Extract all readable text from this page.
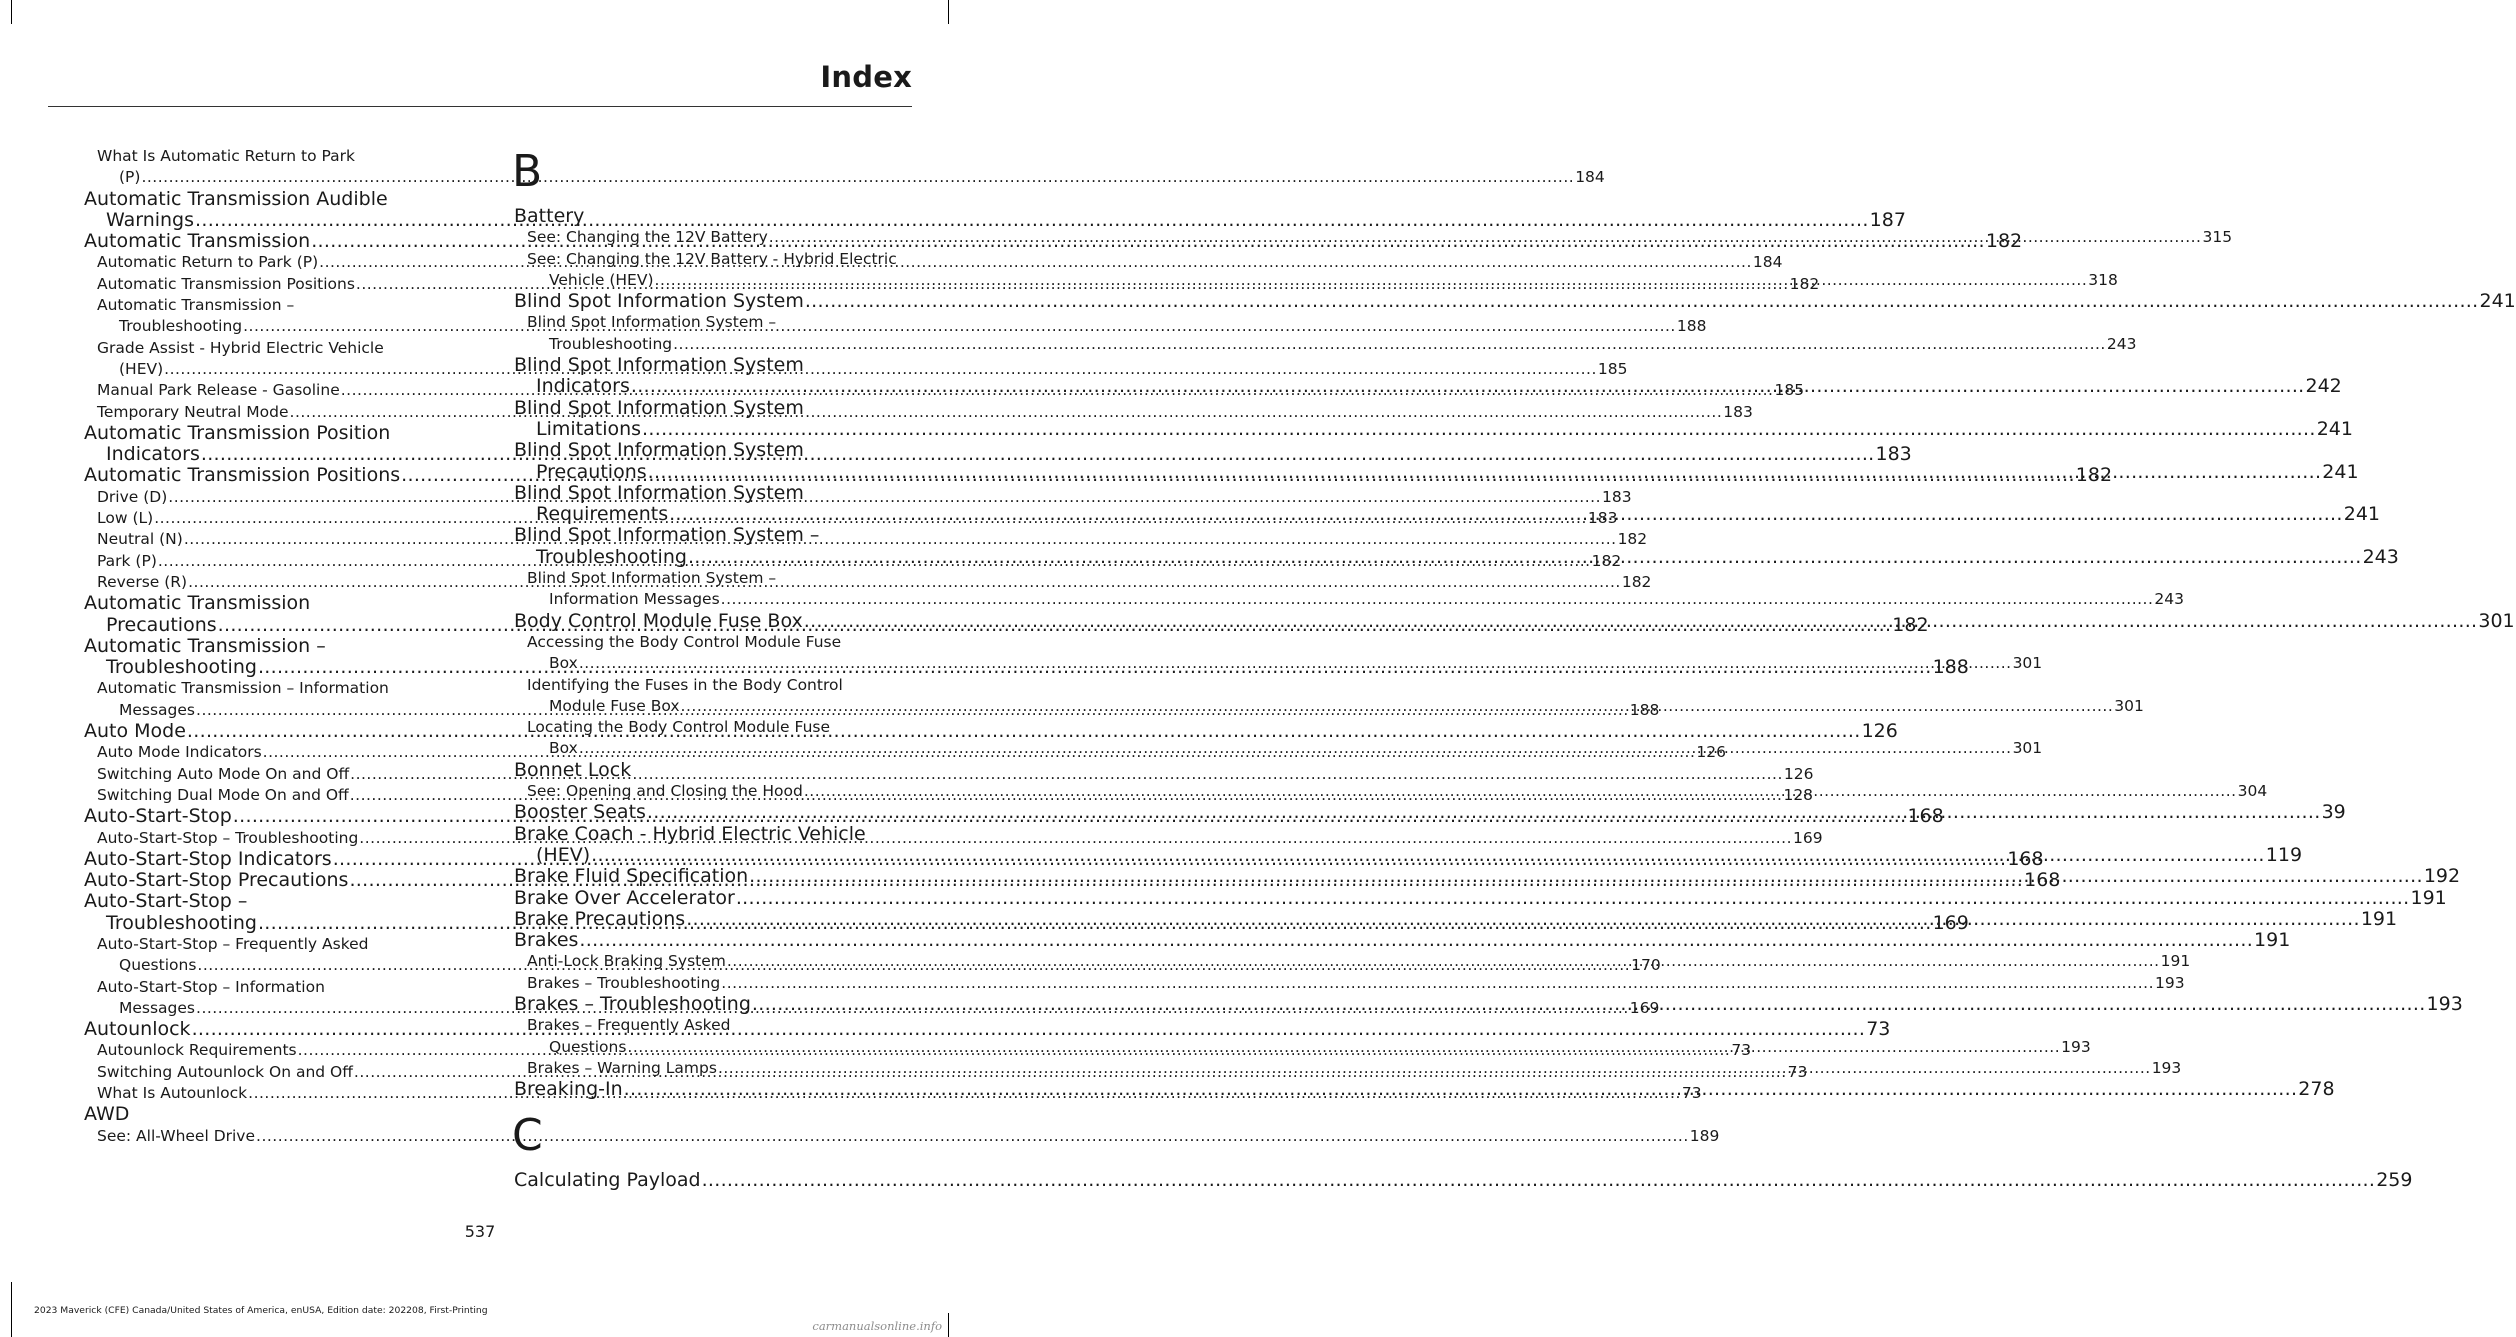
Index
What Is Automatic Return to Park
(P) .....	184
Automatic Transmission Audible
Warnings .....	187
Automatic Transmission .....	182
Automatic Return to Park (P) .....	184
Automatic Transmission Positions .....	182
Automatic Transmission –
Troubleshooting .....	188
Grade Assist - Hybrid Electric Vehicle
(HEV) .....	185
Manual Park Release - Gasoline .....	185
Temporary Neutral Mode .....	183
Automatic Transmission Position
Indicators .....	183
Automatic Transmission Positions .....	182
Drive (D) .....	183
Low (L) .....	183
Neutral (N) .....	182
Park (P) .....	182
Reverse (R) .....	182
Automatic Transmission
Precautions .....	182
Automatic Transmission –
Troubleshooting .....	188
Automatic Transmission – Information
Messages .....	188
Auto Mode .....	126
Auto Mode Indicators .....	126
Switching Auto Mode On and Off .....	126
Switching Dual Mode On and Off .....	128
Auto-Start-Stop .....	168
Auto-Start-Stop – Troubleshooting .....	169
Auto-Start-Stop Indicators .....	168
Auto-Start-Stop Precautions .....	168
Auto-Start-Stop –
Troubleshooting .....	169
Auto-Start-Stop – Frequently Asked
Questions .....	170
Auto-Start-Stop – Information
Messages .....	169
Autounlock .....	73
Autounlock Requirements .....	73
Switching Autounlock On and Off .....	73
What Is Autounlock .....	73
AWD
See: All-Wheel Drive .....	189
B
Battery
See: Changing the 12V Battery .....	315
See: Changing the 12V Battery - Hybrid Electric
Vehicle (HEV) .....	318
Blind Spot Information System .....	241
Blind Spot Information System –
Troubleshooting .....	243
Blind Spot Information System
Indicators .....	242
Blind Spot Information System
Limitations .....	241
Blind Spot Information System
Precautions .....	241
Blind Spot Information System
Requirements .....	241
Blind Spot Information System –
Troubleshooting .....	243
Blind Spot Information System –
Information Messages .....	243
Body Control Module Fuse Box .....	301
Accessing the Body Control Module Fuse
Box .....	301
Identifying the Fuses in the Body Control
Module Fuse Box .....	301
Locating the Body Control Module Fuse
Box .....	301
Bonnet Lock
See: Opening and Closing the Hood .....	304
Booster Seats .....	39
Brake Coach - Hybrid Electric Vehicle
(HEV) .....	119
Brake Fluid Specification .....	192
Brake Over Accelerator .....	191
Brake Precautions .....	191
Brakes .....	191
Anti-Lock Braking System .....	191
Brakes – Troubleshooting .....	193
Brakes – Troubleshooting .....	193
Brakes – Frequently Asked
Questions .....	193
Brakes – Warning Lamps .....	193
Breaking-In .....	278
C
Calculating Payload .....	259
537
2023 Maverick (CFE) Canada/United States of America, enUSA, Edition date: 202208, First-Printing
carmanualsonline.info
